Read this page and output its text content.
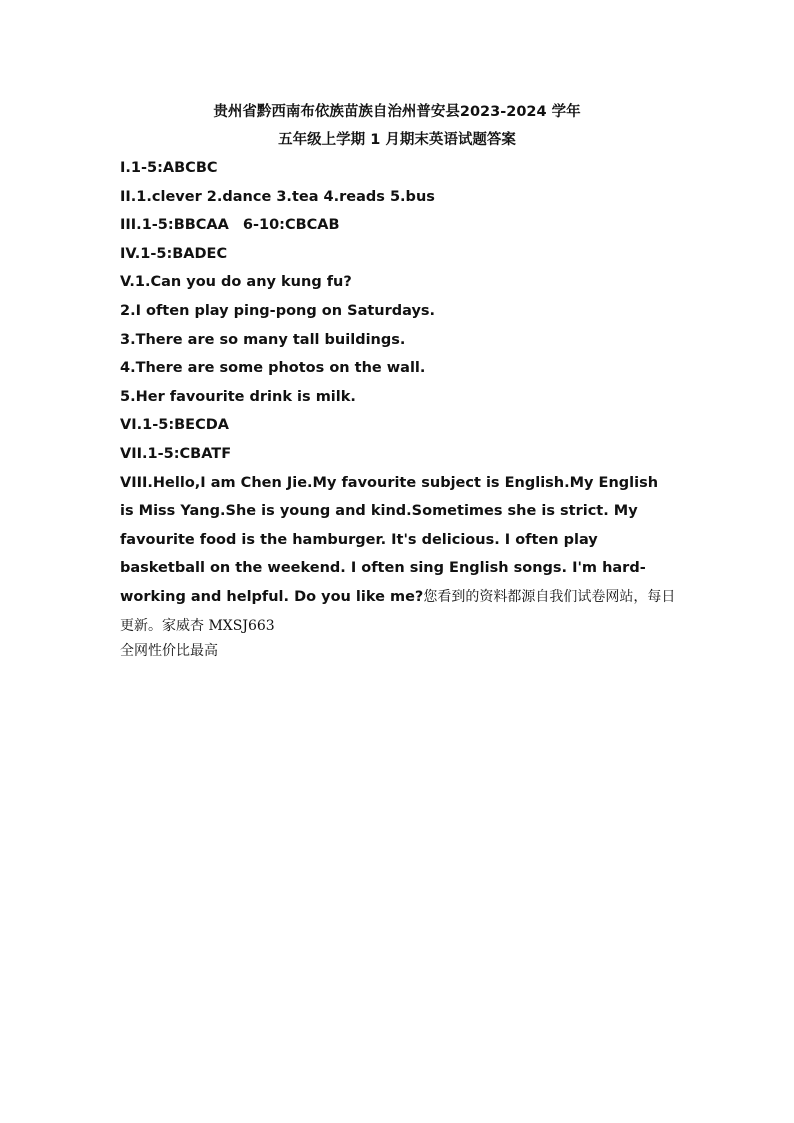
贵州省黔西南布依族苗族自治州普安县2023-2024 学年
五年级上学期 1 月期末英语试题答案
I.1-5:ABCBC
II.1.clever 2.dance 3.tea 4.reads 5.bus
III.1-5:BBCAA 6-10:CBCAB
IV.1-5:BADEC
V.1.Can you do any kung fu?
2.I often play ping-pong on Saturdays.
3.There are so many tall buildings.
4.There are some photos on the wall.
5.Her favourite drink is milk.
VI.1-5:BECDA
VII.1-5:CBATF
VIII.Hello,I am Chen Jie.My favourite subject is English.My English is Miss Yang.She is young and kind.Sometimes she is strict. My favourite food is the hamburger. It's delicious. I often play basketball on the weekend. I often sing English songs. I'm hard-working and helpful. Do you like me?您看到的资料都源自我们试卷网站，每日更新。家威杏 MXSJ663
全网性价比最高
